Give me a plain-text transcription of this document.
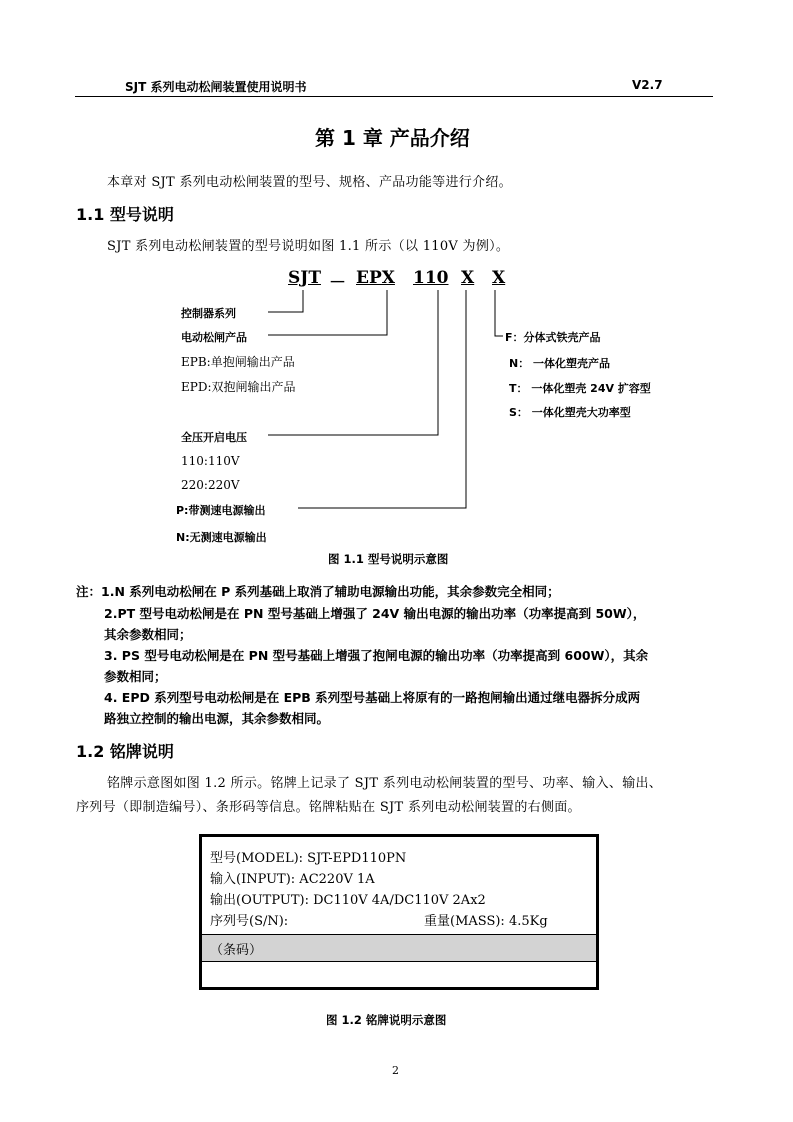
SJT 系列电动松闸装置使用说明书	V2.7
第 1 章 产品介绍
本章对 SJT 系列电动松闸装置的型号、规格、产品功能等进行介绍。
1.1 型号说明
SJT 系列电动松闸装置的型号说明如图 1.1 所示（以 110V 为例）。
SJT － EPX 110 X X
控制器系列
电动松闸产品
EPB:单抱闸输出产品
EPD:双抱闸输出产品
全压开启电压
110:110V
220:220V
P:带测速电源输出
N:无测速电源输出
F：分体式铁壳产品
N： 一体化塑壳产品
T： 一体化塑壳 24V 扩容型
S： 一体化塑壳大功率型
图 1.1 型号说明示意图
注：1.N 系列电动松闸在 P 系列基础上取消了辅助电源输出功能，其余参数完全相同；
2.PT 型号电动松闸是在 PN 型号基础上增强了 24V 输出电源的输出功率（功率提高到 50W），
其余参数相同；
3. PS 型号电动松闸是在 PN 型号基础上增强了抱闸电源的输出功率（功率提高到 600W），其余
参数相同；
4. EPD 系列型号电动松闸是在 EPB 系列型号基础上将原有的一路抱闸输出通过继电器拆分成两
路独立控制的输出电源，其余参数相同。
1.2 铭牌说明
铭牌示意图如图 1.2 所示。铭牌上记录了 SJT 系列电动松闸装置的型号、功率、输入、输出、
序列号（即制造编号）、条形码等信息。铭牌粘贴在 SJT 系列电动松闸装置的右侧面。
型号(MODEL): SJT-EPD110PN
输入(INPUT): AC220V 1A
输出(OUTPUT): DC110V 4A/DC110V 2Ax2
序列号(S/N):	重量(MASS): 4.5Kg
（条码）
图 1.2 铭牌说明示意图
2
